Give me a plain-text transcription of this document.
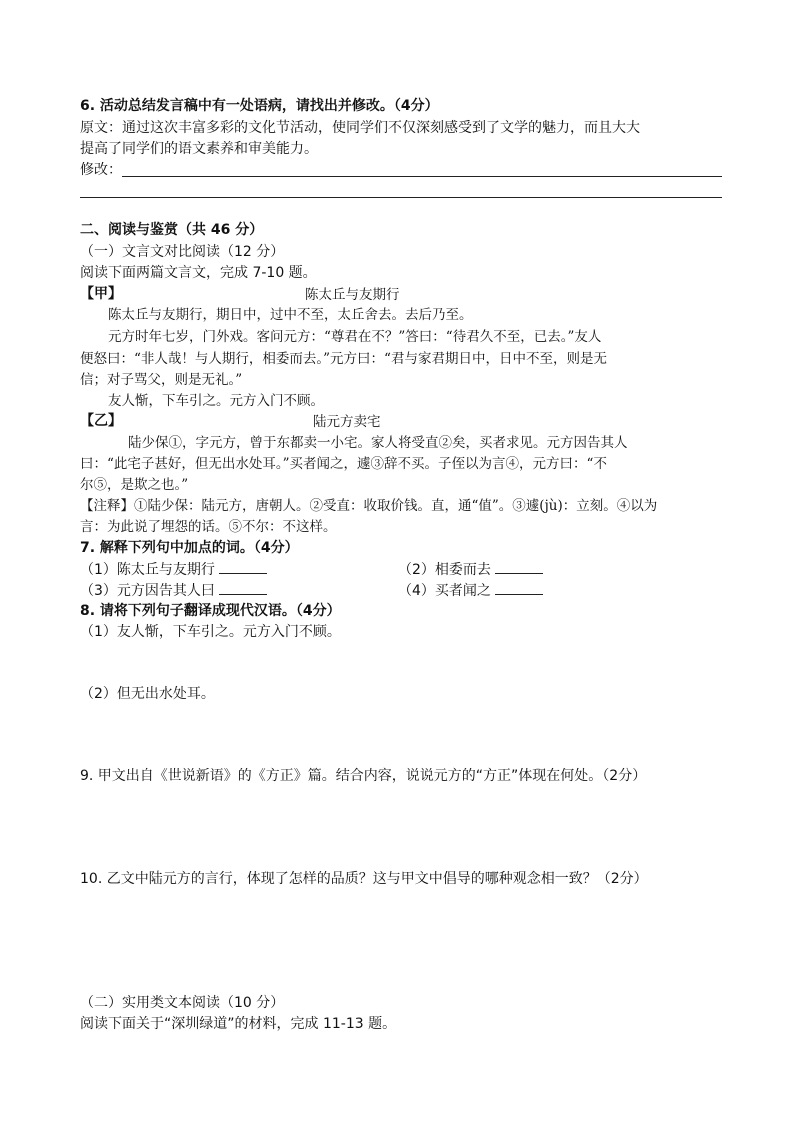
6. 活动总结发言稿中有一处语病，请找出并修改。（4分）
原文：通过这次丰富多彩的文化节活动，使同学们不仅深刻感受到了文学的魅力，而且大大
提高了同学们的语文素养和审美能力。
修改：
二、阅读与鉴赏（共 46 分）
（一）文言文对比阅读（12 分）
阅读下面两篇文言文，完成 7-10 题。
【甲】	陈太丘与友期行
陈太丘与友期行，期日中，过中不至，太丘舍去。去后乃至。
元方时年七岁，门外戏。客问元方：“尊君在不？”答曰：“待君久不至，已去。”友人
便怒曰：“非人哉！与人期行，相委而去。”元方曰：“君与家君期日中，日中不至，则是无
信；对子骂父，则是无礼。”
友人惭，下车引之。元方入门不顾。
【乙】	陆元方卖宅
陆少保①，字元方，曾于东都卖一小宅。家人将受直②矣，买者求见。元方因告其人
曰：“此宅子甚好，但无出水处耳。”买者闻之，遽③辞不买。子侄以为言④，元方曰：“不
尔⑤，是欺之也。”
【注释】①陆少保：陆元方，唐朝人。②受直：收取价钱。直，通“值”。③遽(jù)：立刻。④以为
言：为此说了埋怨的话。⑤不尔：不这样。
7. 解释下列句中加点的词。（4分）
（1）陈太丘与友期行	（2）相委而去
（3）元方因告其人曰	（4）买者闻之
8. 请将下列句子翻译成现代汉语。（4分）
（1）友人惭，下车引之。元方入门不顾。
（2）但无出水处耳。
9. 甲文出自《世说新语》的《方正》篇。结合内容，说说元方的“方正”体现在何处。（2分）
10. 乙文中陆元方的言行，体现了怎样的品质？这与甲文中倡导的哪种观念相一致？（2分）
（二）实用类文本阅读（10 分）
阅读下面关于“深圳绿道”的材料，完成 11-13 题。
